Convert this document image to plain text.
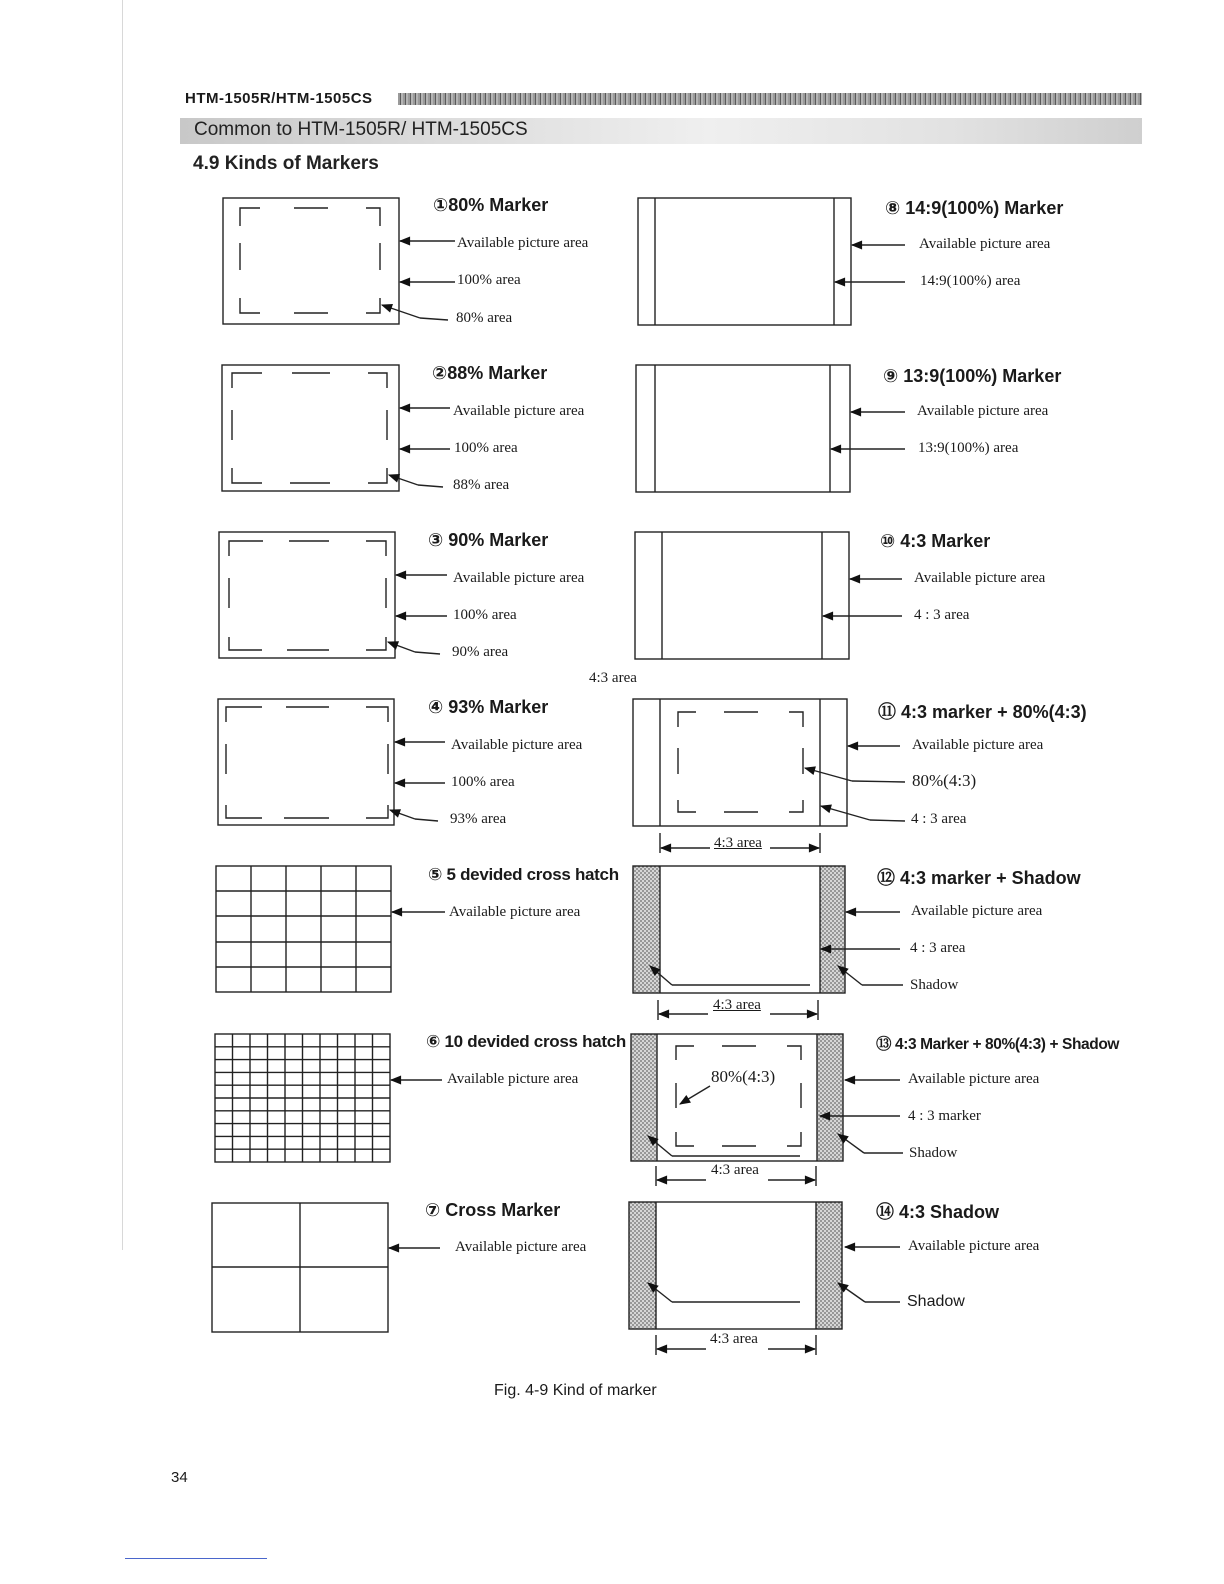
HTM-1505R/HTM-1505CS
Common to HTM-1505R/ HTM-1505CS
4.9 Kinds of Markers
①80% Marker
Available picture area
100% area
80% area
②88% Marker
Available picture area
100% area
88% area
③ 90% Marker
Available picture area
100% area
90% area
④ 93% Marker
Available picture area
100% area
93% area
⑤ 5 devided cross hatch
Available picture area
⑥ 10 devided cross hatch
Available picture area
⑦ Cross Marker
Available picture area
⑧ 14:9(100%) Marker
Available picture area
14:9(100%) area
⑨ 13:9(100%) Marker
Available picture area
13:9(100%) area
⑩ 4:3 Marker
Available picture area
4 : 3 area
4:3 area
⑪ 4:3 marker + 80%(4:3)
Available picture area
80%(4:3)
4 : 3 area
4:3 area
⑫ 4:3 marker + Shadow
Available picture area
4 : 3 area
Shadow
4:3 area
⑬ 4:3 Marker + 80%(4:3) + Shadow
Available picture area
4 : 3 marker
Shadow
80%(4:3)
4:3 area
⑭ 4:3 Shadow
Available picture area
Shadow
4:3 area
Fig. 4-9 Kind of marker
34
